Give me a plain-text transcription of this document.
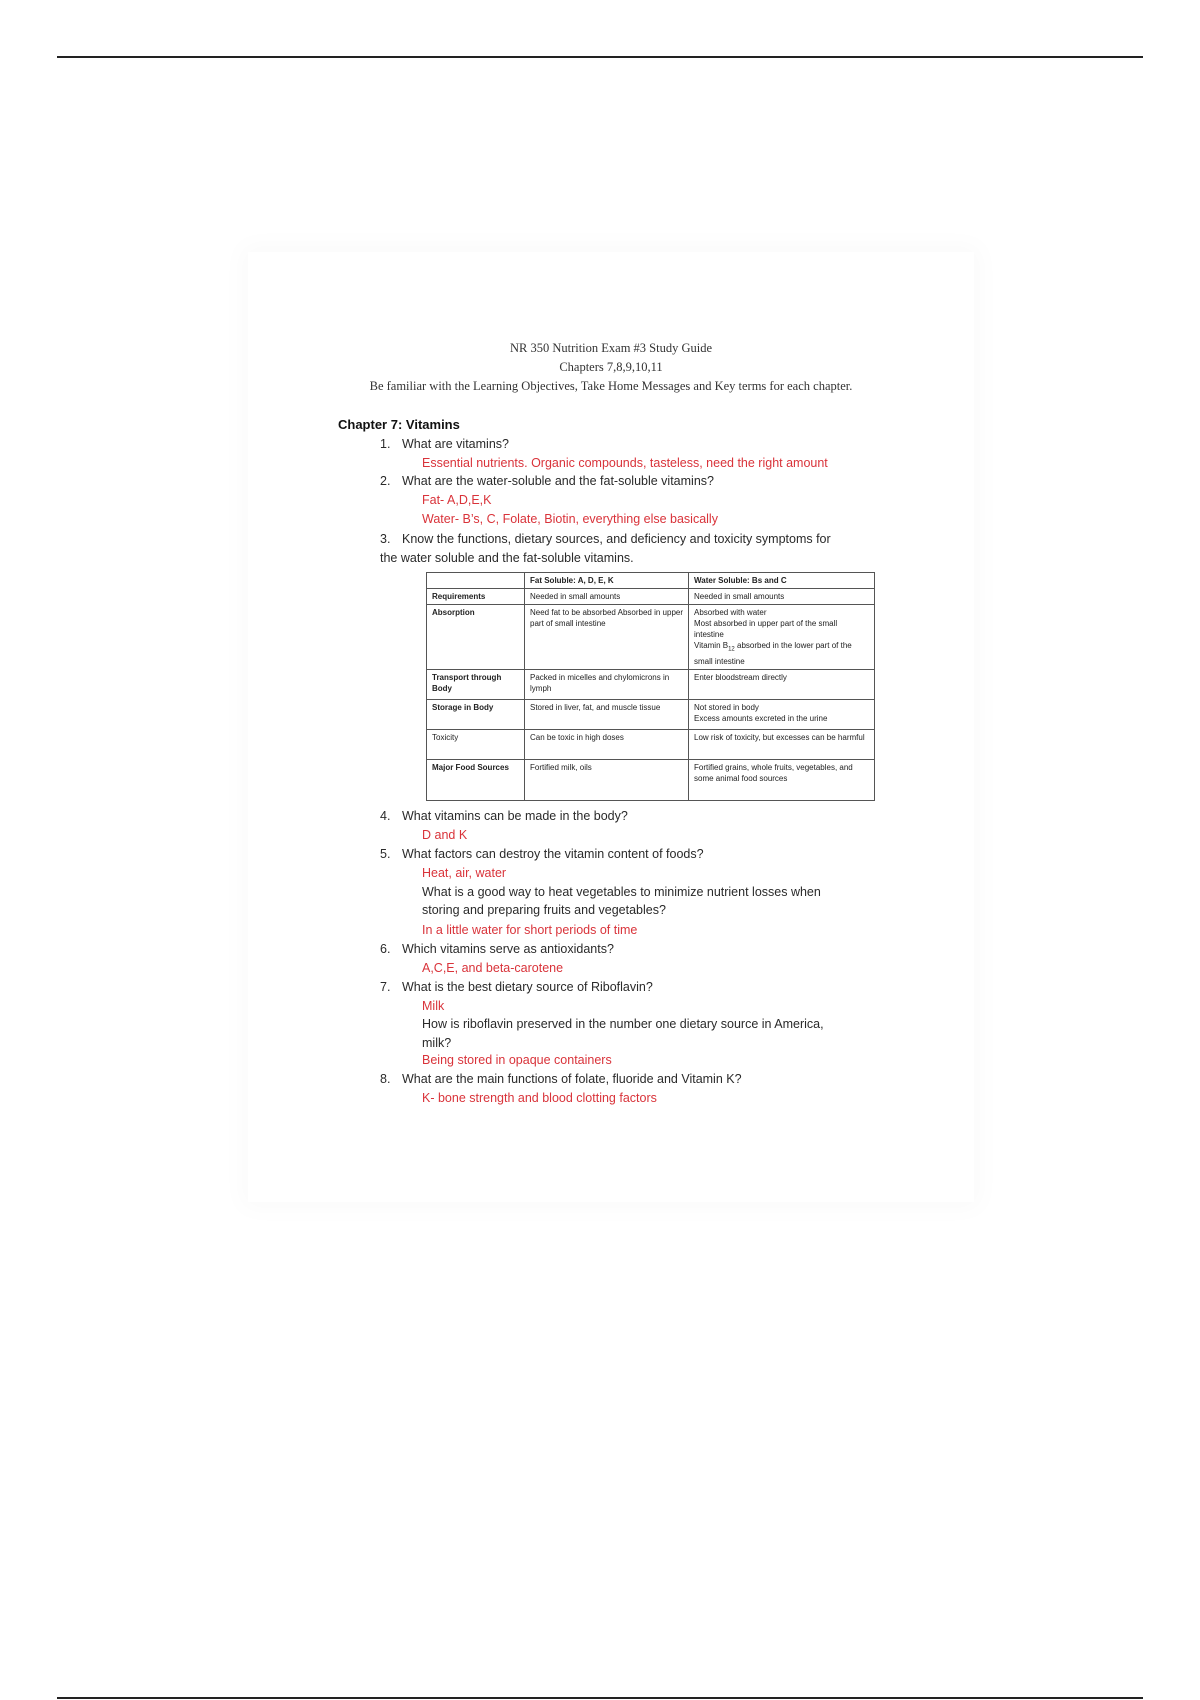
NR 350 Nutrition Exam #3 Study Guide
Chapters 7,8,9,10,11
Be familiar with the Learning Objectives, Take Home Messages and Key terms for each chapter.
Chapter 7: Vitamins
1. What are vitamins?
Essential nutrients. Organic compounds, tasteless, need the right amount
2. What are the water-soluble and the fat-soluble vitamins?
Fat- A,D,E,K
Water- B’s, C, Folate, Biotin, everything else basically
3. Know the functions, dietary sources, and deficiency and toxicity symptoms for
the water soluble and the fat-soluble vitamins.
	Fat Soluble: A, D, E, K	Water Soluble: Bs and C
Requirements	Needed in small amounts	Needed in small amounts
Absorption	Need fat to be absorbed Absorbed in upper part of small intestine	Absorbed with water
Most absorbed in upper part of the small intestine
Vitamin $B_{12}$ absorbed in the lower part of the small intestine

Transport through Body	Packed in micelles and chylomicrons in lymph	Enter bloodstream directly
Storage in Body	Stored in liver, fat, and muscle tissue	Not stored in body
Excess amounts excreted in the urine

Toxicity	Can be toxic in high doses	Low risk of toxicity, but excesses can be harmful
Major Food Sources	Fortified milk, oils	Fortified grains, whole fruits, vegetables, and some animal food sources
4. What vitamins can be made in the body?
D and K
5. What factors can destroy the vitamin content of foods?
Heat, air, water
What is a good way to heat vegetables to minimize nutrient losses when
storing and preparing fruits and vegetables?
In a little water for short periods of time
6. Which vitamins serve as antioxidants?
A,C,E, and beta-carotene
7. What is the best dietary source of Riboflavin?
Milk
How is riboflavin preserved in the number one dietary source in America,
milk?
Being stored in opaque containers
8. What are the main functions of folate, fluoride and Vitamin K?
K- bone strength and blood clotting factors
